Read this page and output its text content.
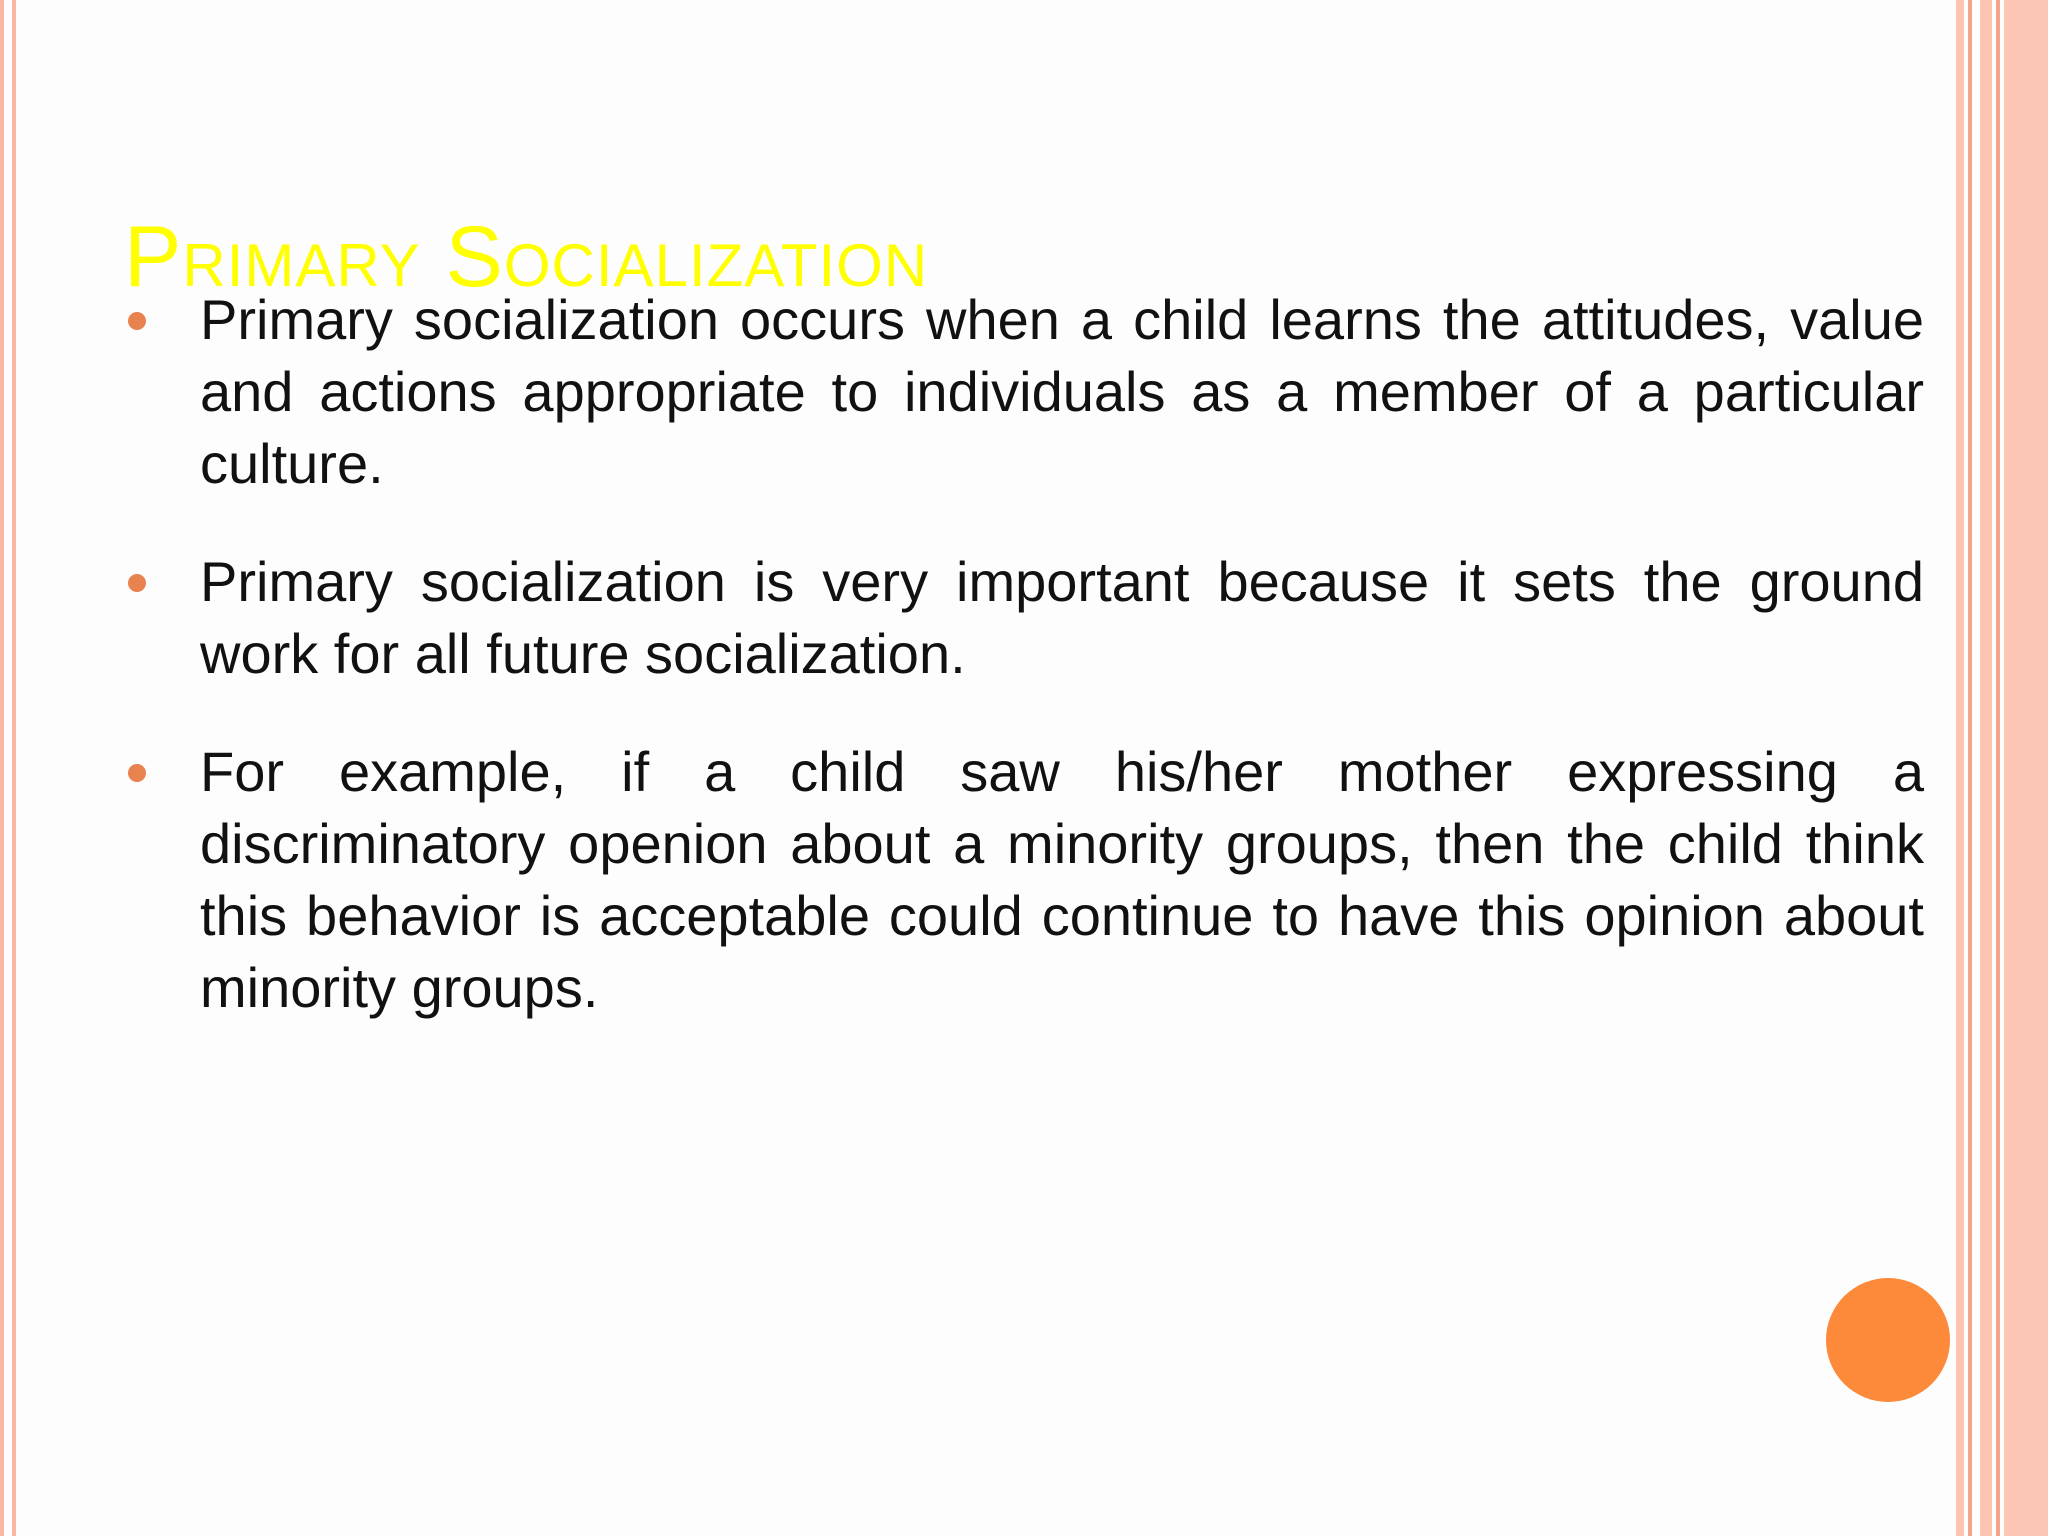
Primary Socialization
Primary socialization occurs when a child learns the attitudes, value and actions appropriate to individuals as a member of a particular culture.
Primary socialization is very important because it sets the ground work for all future socialization.
For example, if a child saw his/her mother expressing a discriminatory openion about a minority groups, then the child think this behavior is acceptable could continue to have this opinion about minority groups.
